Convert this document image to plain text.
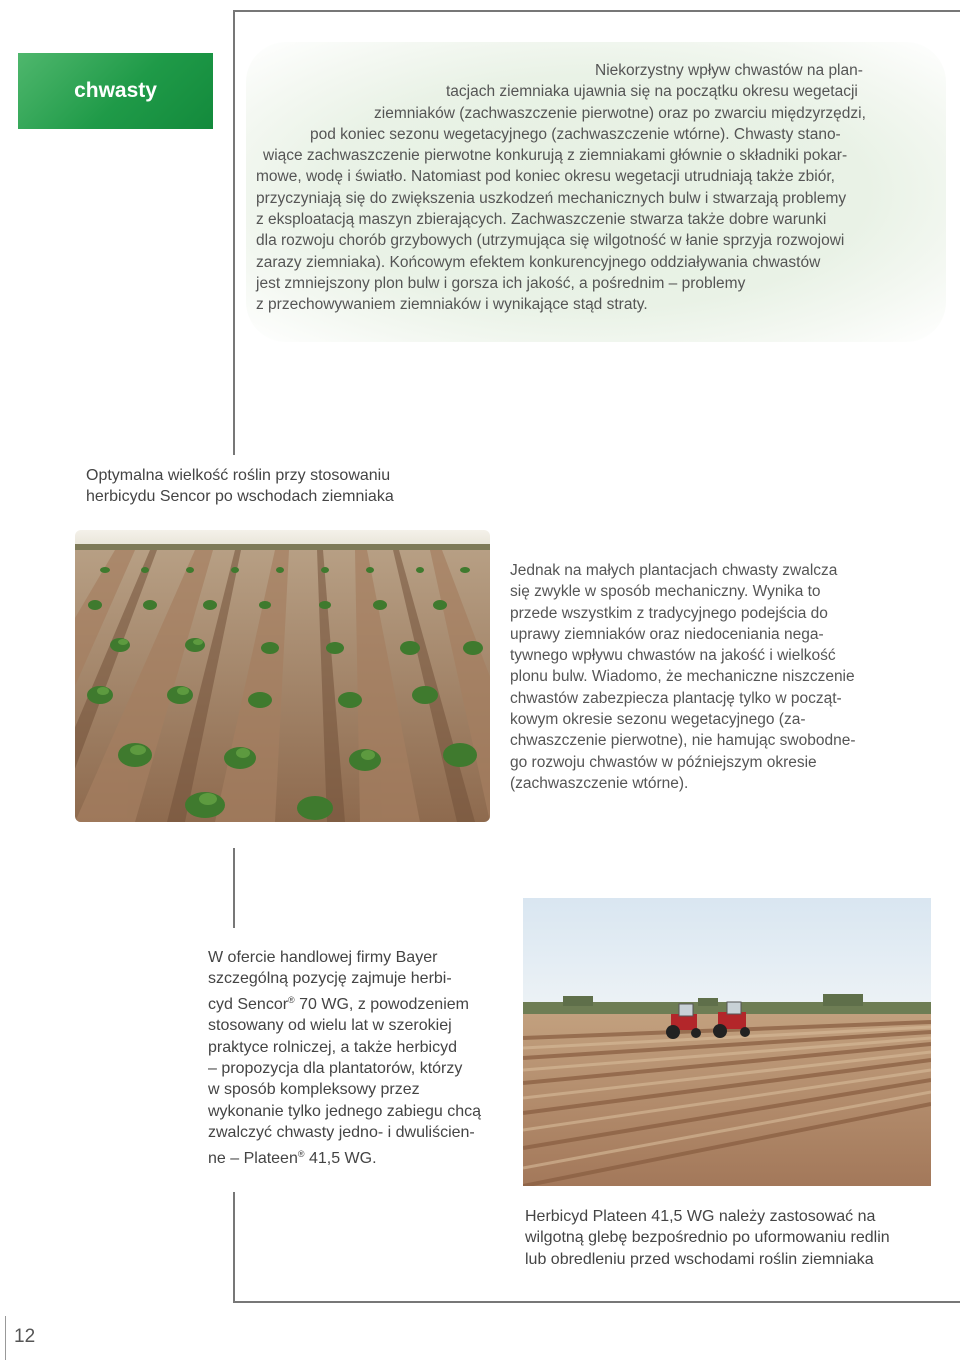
chwasty
Niekorzystny wpływ chwastów na plan-
tacjach ziemniaka ujawnia się na początku okresu wegetacji
ziemniaków (zachwaszczenie pierwotne) oraz po zwarciu międzyrzędzi,
pod koniec sezonu wegetacyjnego (zachwaszczenie wtórne). Chwasty stano-
wiące zachwaszczenie pierwotne konkurują z ziemniakami głównie o składniki pokar-
mowe, wodę i światło. Natomiast pod koniec okresu wegetacji utrudniają także zbiór,
przyczyniają się do zwiększenia uszkodzeń mechanicznych bulw i stwarzają problemy
z eksploatacją maszyn zbierających. Zachwaszczenie stwarza także dobre warunki
dla rozwoju chorób grzybowych (utrzymująca się wilgotność w łanie sprzyja rozwojowi
zarazy ziemniaka). Końcowym efektem konkurencyjnego oddziaływania chwastów
jest zmniejszony plon bulw i gorsza ich jakość, a pośrednim – problemy
z przechowywaniem ziemniaków i wynikające stąd straty.
Optymalna wielkość roślin przy stosowaniu
herbicydu Sencor po wschodach ziemniaka
Jednak na małych plantacjach chwasty zwalcza
się zwykle w sposób mechaniczny. Wynika to
przede wszystkim z tradycyjnego podejścia do
uprawy ziemniaków oraz niedoceniania nega-
tywnego wpływu chwastów na jakość i wielkość
plonu bulw. Wiadomo, że mechaniczne niszczenie
chwastów zabezpiecza plantację tylko w począt-
kowym okresie sezonu wegetacyjnego (za-
chwaszczenie pierwotne), nie hamując swobodne-
go rozwoju chwastów w późniejszym okresie
(zachwaszczenie wtórne).
W ofercie handlowej firmy Bayer
szczególną pozycję zajmuje herbi-
cyd Sencor® 70 WG, z powodzeniem
stosowany od wielu lat w szerokiej
praktyce rolniczej, a także herbicyd
– propozycja dla plantatorów, którzy
w sposób kompleksowy przez
wykonanie tylko jednego zabiegu chcą
zwalczyć chwasty jedno- i dwuliścien-
ne – Plateen® 41,5 WG.
Herbicyd Plateen 41,5 WG należy zastosować na
wilgotną glebę bezpośrednio po uformowaniu redlin
lub obredleniu przed wschodami roślin ziemniaka
12
